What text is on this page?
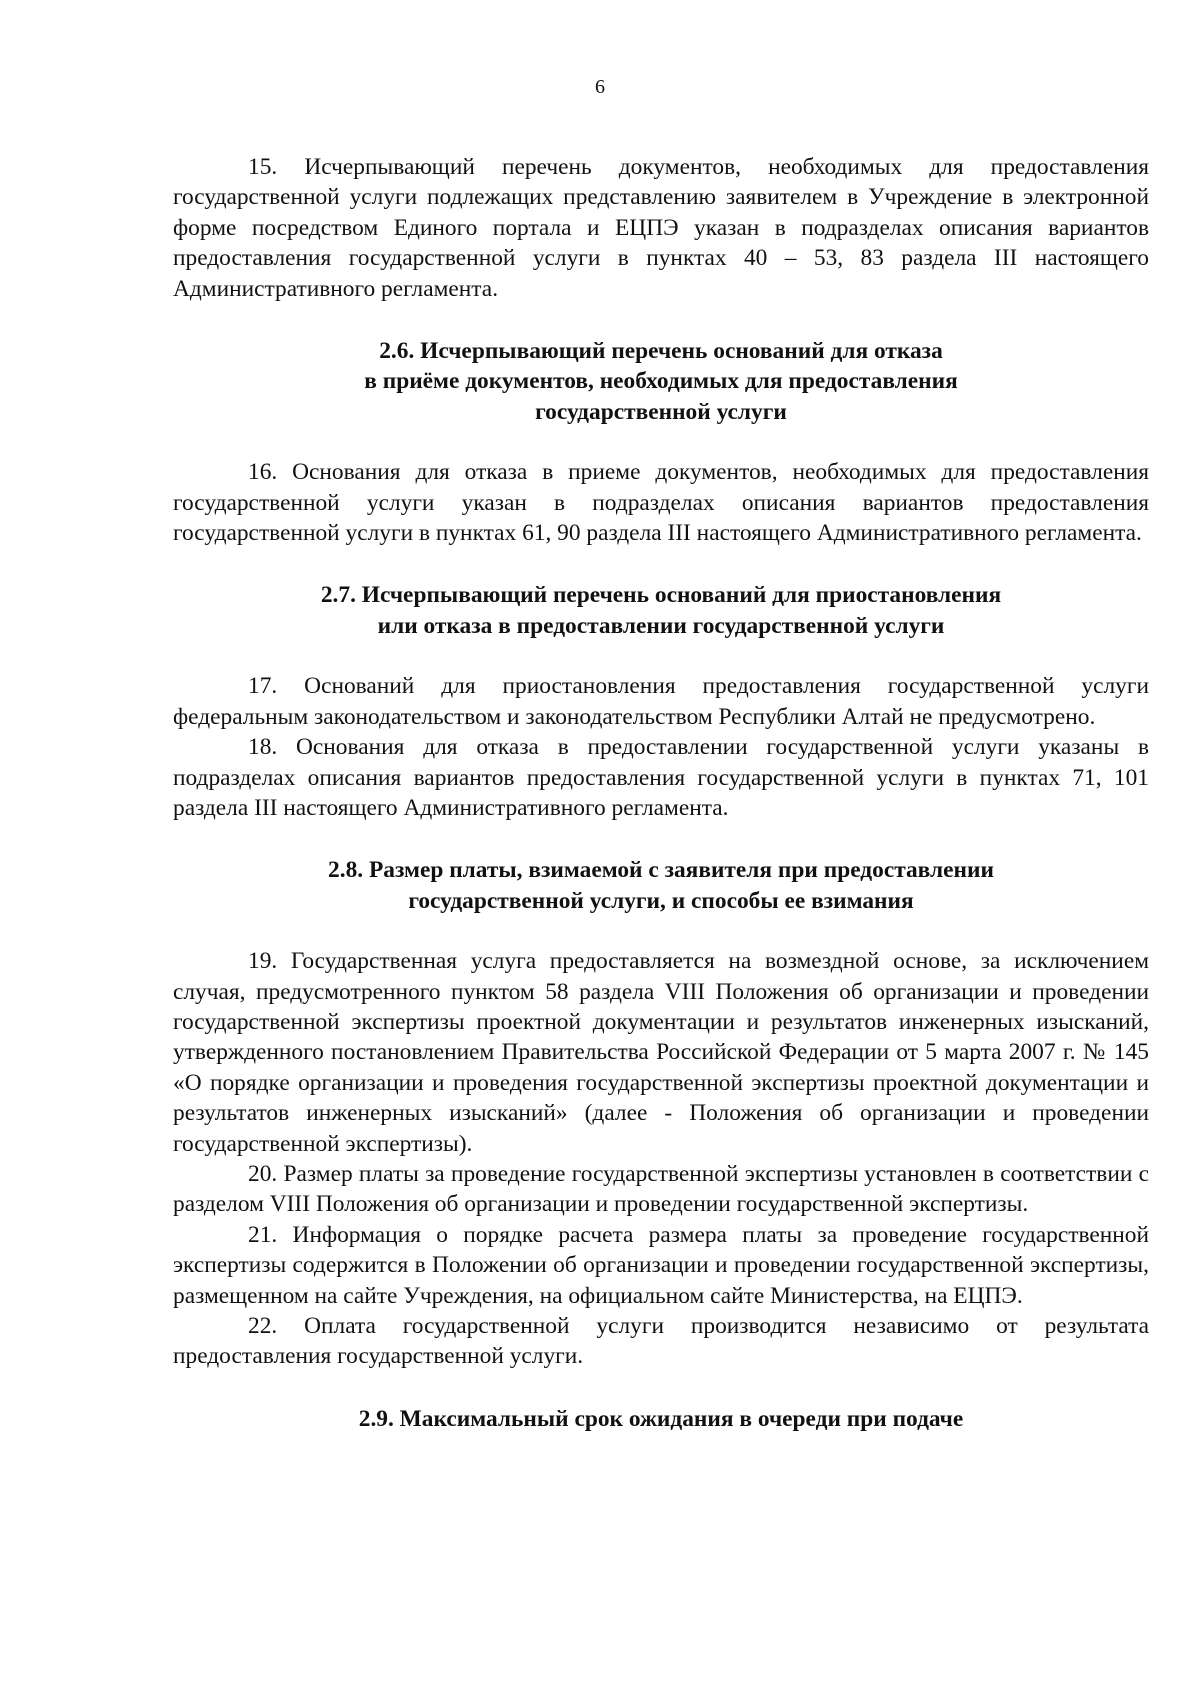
6

15. Исчерпывающий перечень документов, необходимых для предоставления государственной услуги подлежащих представлению заявителем в Учреждение в электронной форме посредством Единого портала и ЕЦПЭ указан в подразделах описания вариантов предоставления государственной услуги в пунктах 40 – 53, 83 раздела III настоящего Административного регламента.

2.6. Исчерпывающий перечень оснований для отказа
в приёме документов, необходимых для предоставления
государственной услуги

16. Основания для отказа в приеме документов, необходимых для предоставления государственной услуги указан в подразделах описания вариантов предоставления государственной услуги в пунктах 61, 90 раздела III настоящего Административного регламента.

2.7. Исчерпывающий перечень оснований для приостановления
или отказа в предоставлении государственной услуги

17. Оснований для приостановления предоставления государственной услуги федеральным законодательством и законодательством Республики Алтай не предусмотрено.

18. Основания для отказа в предоставлении государственной услуги указаны в подразделах описания вариантов предоставления государственной услуги в пунктах 71, 101 раздела III настоящего Административного регламента.

2.8. Размер платы, взимаемой с заявителя при предоставлении
государственной услуги, и способы ее взимания

19. Государственная услуга предоставляется на возмездной основе, за исключением случая, предусмотренного пунктом 58 раздела VIII Положения об организации и проведении государственной экспертизы проектной документации и результатов инженерных изысканий, утвержденного постановлением Правительства Российской Федерации от 5 марта 2007 г. № 145 «О порядке организации и проведения государственной экспертизы проектной документации и результатов инженерных изысканий» (далее - Положения об организации и проведении государственной экспертизы).

20. Размер платы за проведение государственной экспертизы установлен в соответствии с разделом VIII Положения об организации и проведении государственной экспертизы.

21. Информация о порядке расчета размера платы за проведение государственной экспертизы содержится в Положении об организации и проведении государственной экспертизы, размещенном на сайте Учреждения, на официальном сайте Министерства, на ЕЦПЭ.

22. Оплата государственной услуги производится независимо от результата предоставления государственной услуги.

2.9. Максимальный срок ожидания в очереди при подаче
